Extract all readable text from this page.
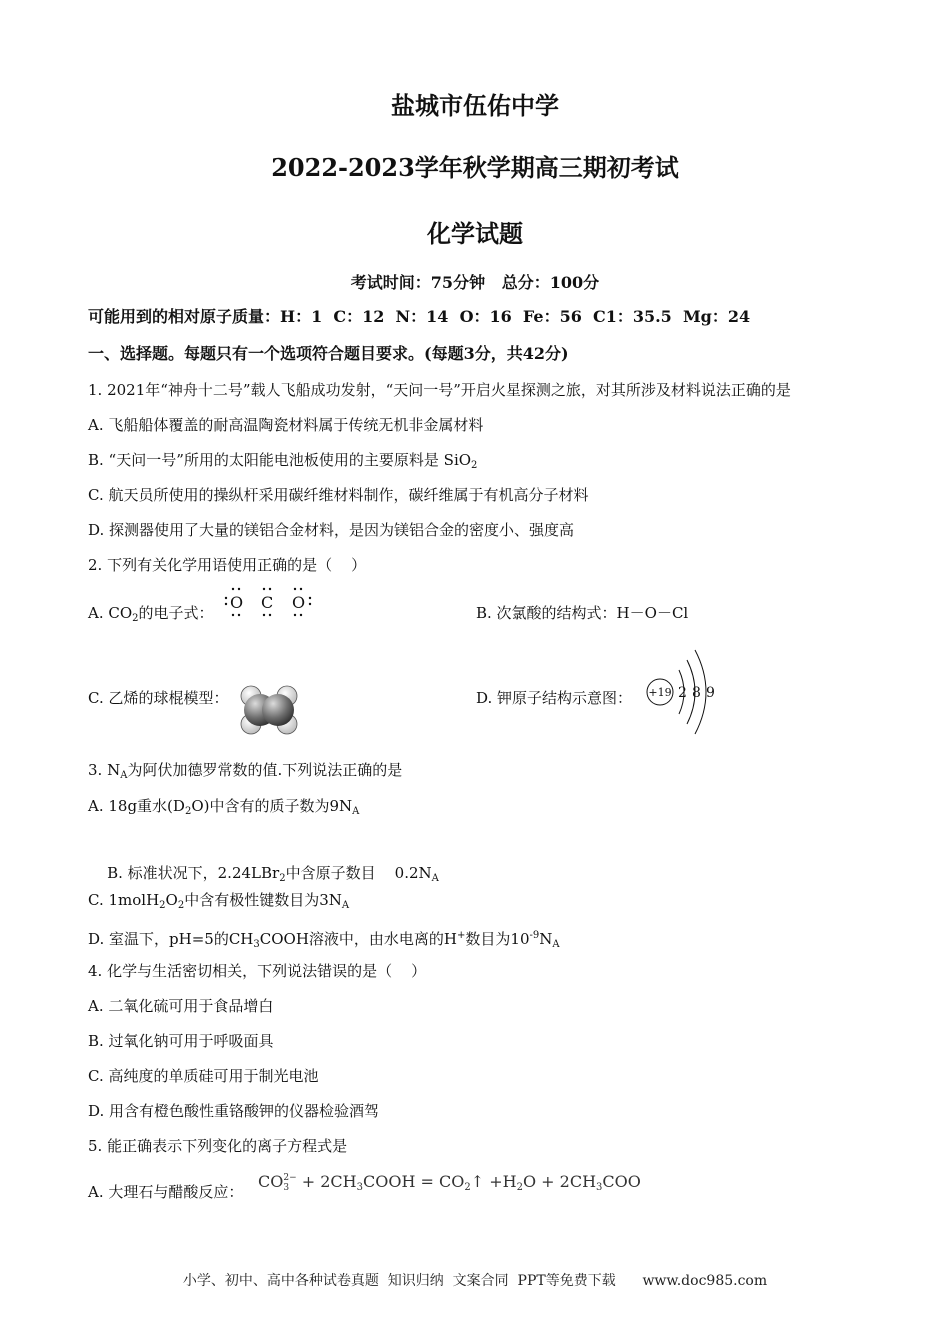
盐城市伍佑中学
2022-2023学年秋学期高三期初考试
化学试题
考试时间：75分钟   总分：100分
可能用到的相对原子质量：H：1  C：12  N：14  O：16  Fe：56  C1：35.5  Mg：24
一、选择题。每题只有一个选项符合题目要求。(每题3分，共42分)
1. 2021年“神舟十二号”载人飞船成功发射，“天问一号”开启火星探测之旅，对其所涉及材料说法正确的是
A. 飞船船体覆盖的耐高温陶瓷材料属于传统无机非金属材料
B. “天问一号”所用的太阳能电池板使用的主要原料是 SiO$_2$
C. 航天员所使用的操纵杆采用碳纤维材料制作，碳纤维属于有机高分子材料
D. 探测器使用了大量的镁铝合金材料，是因为镁铝合金的密度小、强度高
2. 下列有关化学用语使用正确的是（    ）
A. $CO_2$的电子式：
O C O
B. 次氯酸的结构式：H－O－Cl
C. 乙烯的球棍模型：	D. 钾原子结构示意图： +19 2 8 9
3. $N_A$为阿伏加德罗常数的值.下列说法正确的是
A. 18g重水$(D_2O)$中含有的质子数为$9N_A$

B. 标准状况下，2.24LBr$_2$中含原子数目    $0.2N_A$

C. $1molH_2O_2$中含有极性键数目为$3N_A$
D. 室温下，pH=5的$CH_3COOH$溶液中，由水电离的H+数目为$10^{-9}N_A$
4. 化学与生活密切相关，下列说法错误的是（    ）
A. 二氧化硫可用于食品增白
B. 过氧化钠可用于呼吸面具
C. 高纯度的单质硅可用于制光电池
D. 用含有橙色酸性重铬酸钾的仪器检验酒驾
5. 能正确表示下列变化的离子方程式是
A. 大理石与醋酸反应：
CO 2−
$3 + 2CH_3COOH$ = $CO_2↑ +H_2O + 2CH_3COO$
小学、初中、高中各种试卷真题  知识归纳  文案合同  PPT等免费下载      www.doc985.com
